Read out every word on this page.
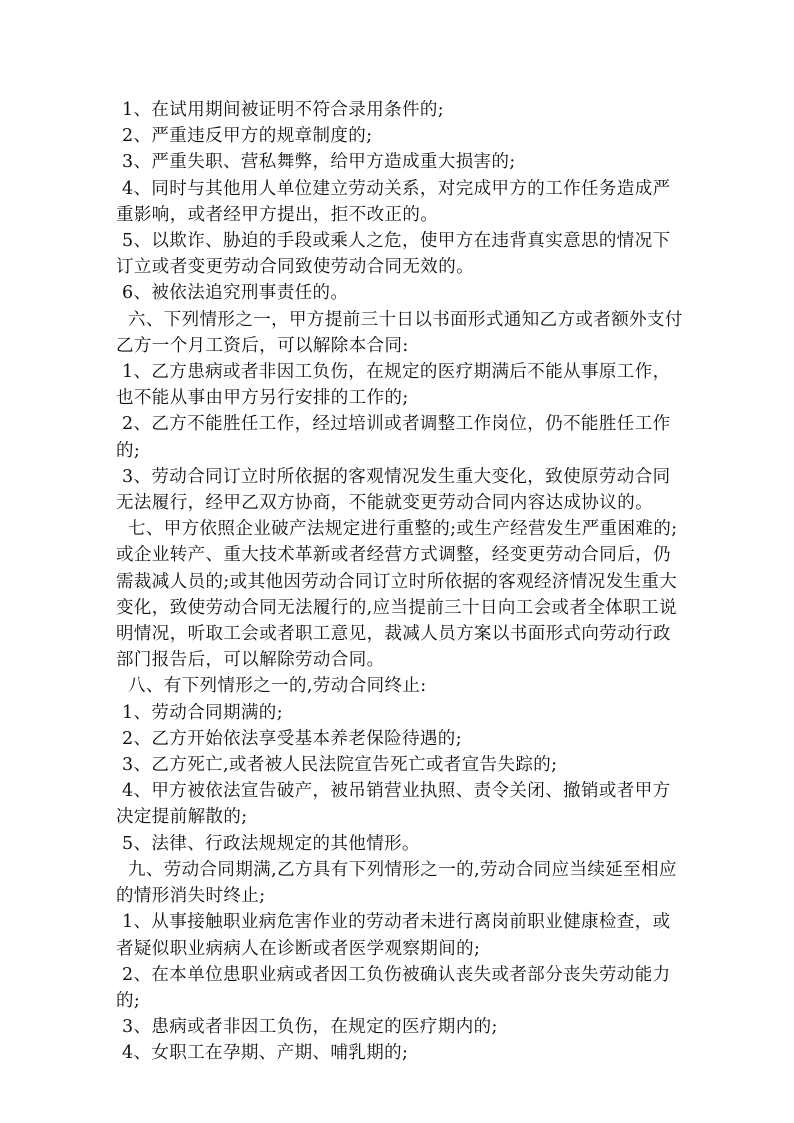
1、在试用期间被证明不符合录用条件的;

2、严重违反甲方的规章制度的;

3、严重失职、营私舞弊，给甲方造成重大损害的;

4、同时与其他用人单位建立劳动关系，对完成甲方的工作任务造成严重影响，或者经甲方提出，拒不改正的。

5、以欺诈、胁迫的手段或乘人之危，使甲方在违背真实意思的情况下订立或者变更劳动合同致使劳动合同无效的。

6、被依法追究刑事责任的。

六、下列情形之一，甲方提前三十日以书面形式通知乙方或者额外支付乙方一个月工资后，可以解除本合同:

1、乙方患病或者非因工负伤，在规定的医疗期满后不能从事原工作，也不能从事由甲方另行安排的工作的;

2、乙方不能胜任工作，经过培训或者调整工作岗位，仍不能胜任工作的;

3、劳动合同订立时所依据的客观情况发生重大变化，致使原劳动合同无法履行，经甲乙双方协商，不能就变更劳动合同内容达成协议的。

七、甲方依照企业破产法规定进行重整的;或生产经营发生严重困难的;或企业转产、重大技术革新或者经营方式调整，经变更劳动合同后，仍需裁减人员的;或其他因劳动合同订立时所依据的客观经济情况发生重大变化，致使劳动合同无法履行的,应当提前三十日向工会或者全体职工说明情况，听取工会或者职工意见，裁减人员方案以书面形式向劳动行政部门报告后，可以解除劳动合同。

八、有下列情形之一的,劳动合同终止:

1、劳动合同期满的;

2、乙方开始依法享受基本养老保险待遇的;

3、乙方死亡,或者被人民法院宣告死亡或者宣告失踪的;

4、甲方被依法宣告破产，被吊销营业执照、责令关闭、撤销或者甲方决定提前解散的;

5、法律、行政法规规定的其他情形。

九、劳动合同期满,乙方具有下列情形之一的,劳动合同应当续延至相应的情形消失时终止;

1、从事接触职业病危害作业的劳动者未进行离岗前职业健康检查，或者疑似职业病病人在诊断或者医学观察期间的;

2、在本单位患职业病或者因工负伤被确认丧失或者部分丧失劳动能力的;

3、患病或者非因工负伤，在规定的医疗期内的;

4、女职工在孕期、产期、哺乳期的;
